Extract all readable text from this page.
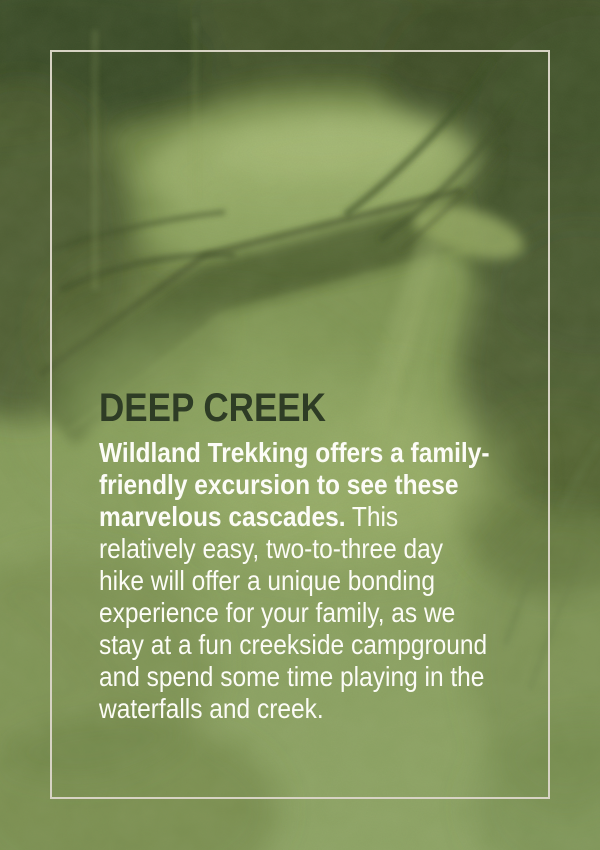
DEEP CREEK

Wildland Trekking offers a family-friendly excursion to see these marvelous cascades. This relatively easy, two-to-three day hike will offer a unique bonding experience for your family, as we stay at a fun creekside campground and spend some time playing in the waterfalls and creek.
